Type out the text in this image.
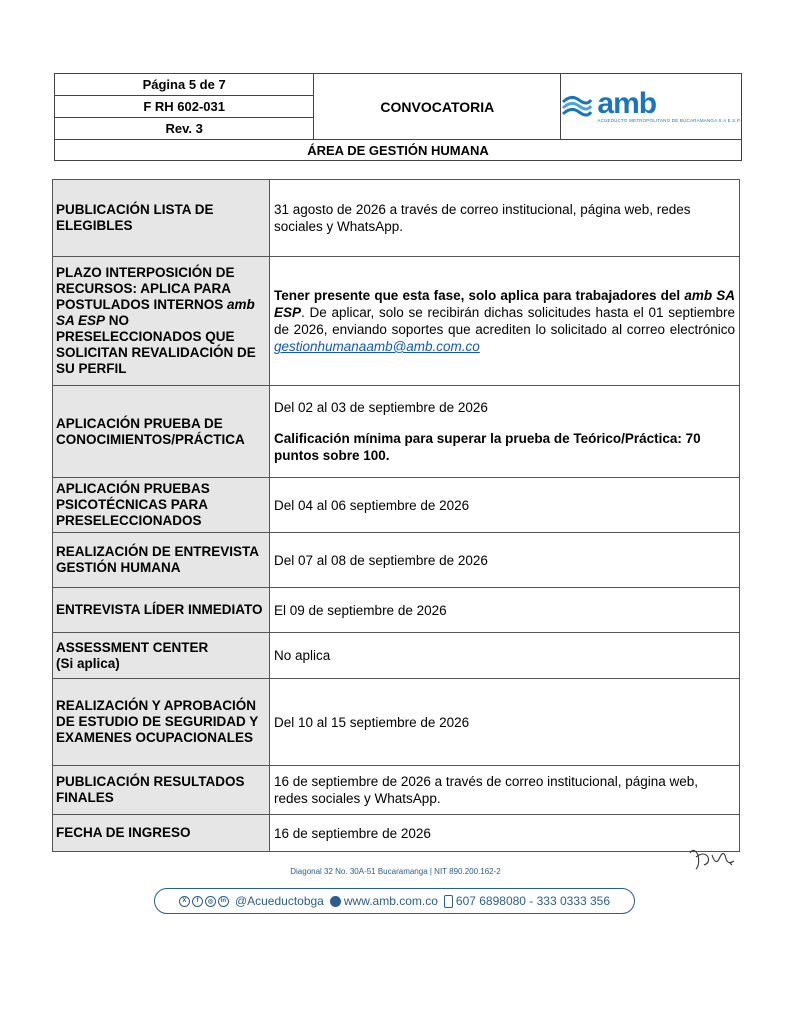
Página 5 de 7	CONVOCATORIA	amb
ACUEDUCTO METROPOLITANO DE BUCARAMANGA S.A E.S.P.

F RH 602-031
Rev. 3
ÁREA DE GESTIÓN HUMANA
PUBLICACIÓN LISTA DE ELEGIBLES	31 agosto de 2026 a través de correo institucional, página web, redes sociales y WhatsApp.
PLAZO INTERPOSICIÓN DE RECURSOS: APLICA PARA POSTULADOS INTERNOS amb SA ESP NO PRESELECCIONADOS QUE SOLICITAN REVALIDACIÓN DE SU PERFIL	Tener presente que esta fase, solo aplica para trabajadores del amb SA ESP. De aplicar, solo se recibirán dichas solicitudes hasta el 01 septiembre de 2026, enviando soportes que acrediten lo solicitado al correo electrónico gestionhumanaamb@amb.com.co

APLICACIÓN PRUEBA DE CONOCIMIENTOS/PRÁCTICA	Del 02 al 03 de septiembre de 2026
Calificación mínima para superar la prueba de Teórico/Práctica: 70 puntos sobre 100.

APLICACIÓN PRUEBAS PSICOTÉCNICAS PARA PRESELECCIONADOS	Del 04 al 06 septiembre de 2026
REALIZACIÓN DE ENTREVISTA GESTIÓN HUMANA	Del 07 al 08 de septiembre de 2026
ENTREVISTA LÍDER INMEDIATO	El 09 de septiembre de 2026

ASSESSMENT CENTER
(Si aplica)	No aplica
REALIZACIÓN Y APROBACIÓN DE ESTUDIO DE SEGURIDAD Y EXAMENES OCUPACIONALES	Del 10 al 15 septiembre de 2026
PUBLICACIÓN RESULTADOS FINALES	16 de septiembre de 2026 a través de correo institucional, página web, redes sociales y WhatsApp.
FECHA DE INGRESO	16 de septiembre de 2026
Diagonal 32 No. 30A-51 Bucaramanga | NIT 890.200.162-2
X	f	◎	in @Acueductobga www.amb.com.co 607 6898080 - 333 0333 356
